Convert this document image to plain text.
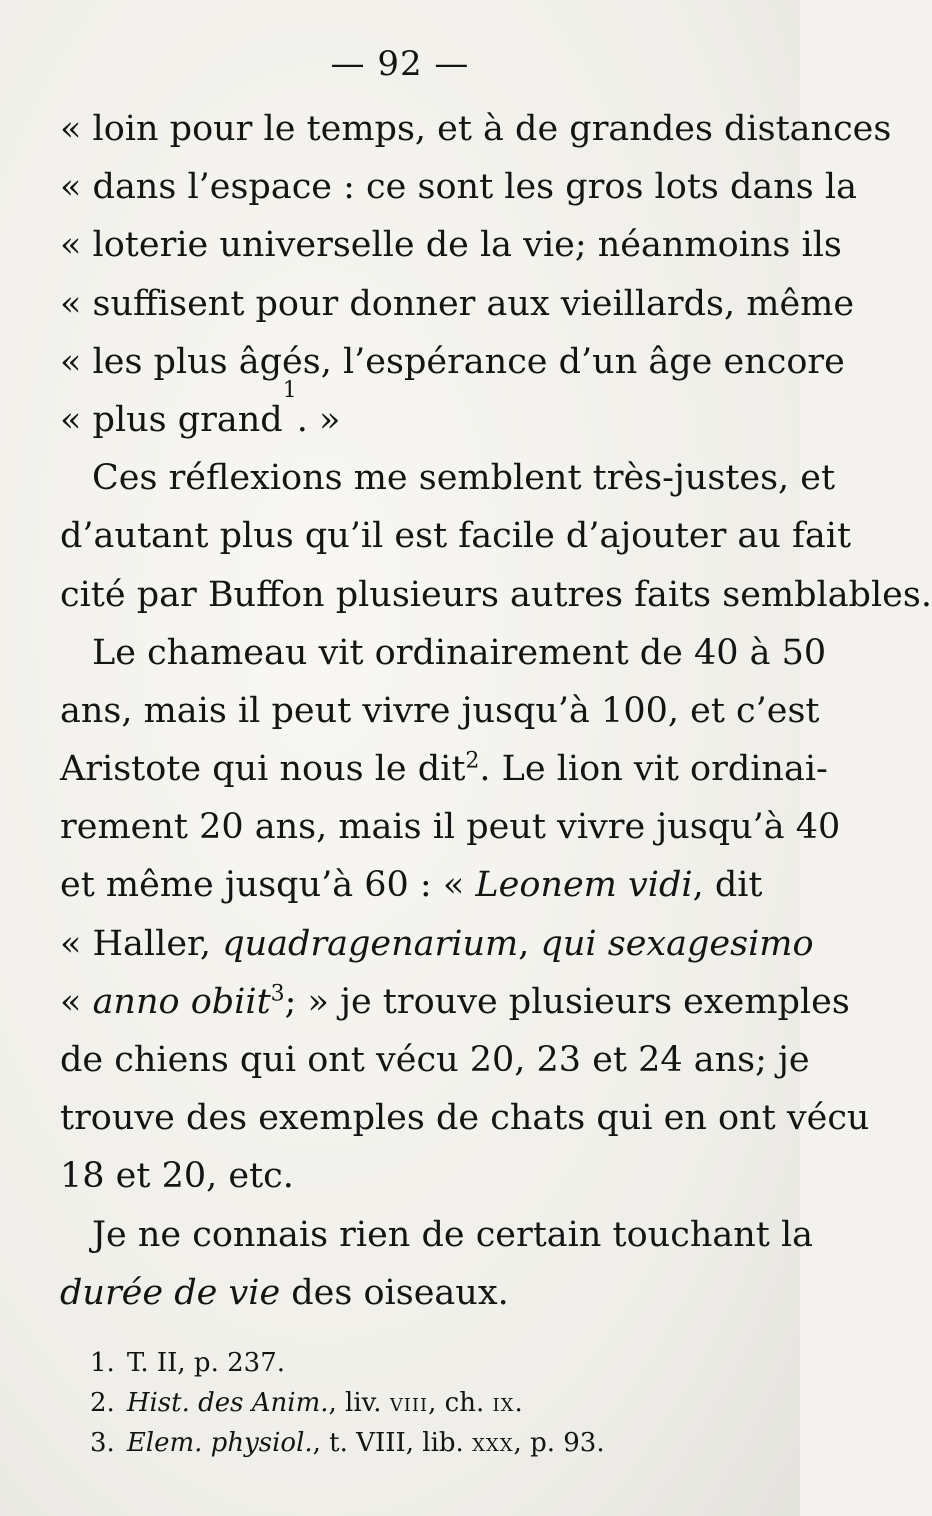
— 92 —
« loin pour le temps, et à de grandes distances
« dans l’espace : ce sont les gros lots dans la
« loterie universelle de la vie; néanmoins ils
« suffisent pour donner aux vieillards, même
« les plus âgés, l’espérance d’un âge encore
« plus grand
1
. »
Ces réflexions me semblent très-justes, et
d’autant plus qu’il est facile d’ajouter au fait
cité par Buffon plusieurs autres faits semblables.
Le chameau vit ordinairement de 40 à 50
ans, mais il peut vivre jusqu’à 100, et c’est
Aristote qui nous le dit$^2$. Le lion vit ordinai-
rement 20 ans, mais il peut vivre jusqu’à 40
et même jusqu’à 60 : « Leonem vidi, dit
« Haller, quadragenarium, qui sexagesimo
« anno obiit$^3$; » je trouve plusieurs exemples
de chiens qui ont vécu 20, 23 et 24 ans; je
trouve des exemples de chats qui en ont vécu
18 et 20, etc.
Je ne connais rien de certain touchant la
durée de vie des oiseaux.
1. T. II, p. 237.
2. Hist. des Anim., liv. viii, ch. ix.
3. Elem. physiol., t. VIII, lib. xxx, p. 93.
